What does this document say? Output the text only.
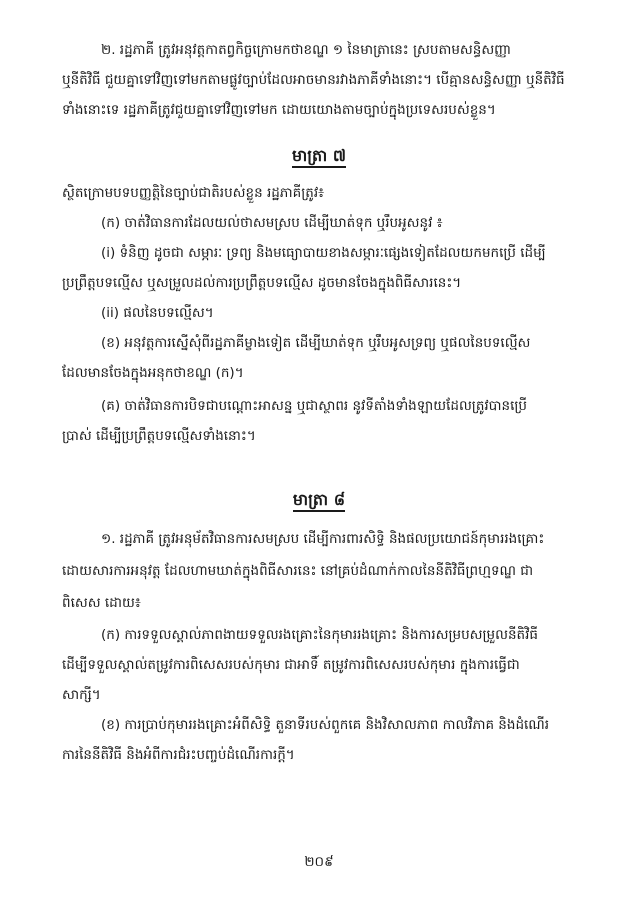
២. រដ្ឋភាគី ត្រូវអនុវត្តកាតព្វកិច្ចក្រោមកថាខណ្ឌ ១ នៃមាត្រានេះ ស្របតាមសន្ធិសញ្ញា
ឬនីតិវិធី ជួយគ្នាទៅវិញទៅមកតាមផ្លូវច្បាប់ដែលអាចមានរវាងភាគីទាំងនោះ។ បើគ្មានសន្ធិសញ្ញា ឬនីតិវិធី
ទាំងនោះទេ រដ្ឋភាគីត្រូវជួយគ្នាទៅវិញទៅមក ដោយយោងតាមច្បាប់ក្នុងប្រទេសរបស់ខ្លួន។
មាត្រា ៧
ស្ថិតក្រោមបទបញ្ញត្តិនៃច្បាប់ជាតិរបស់ខ្លួន រដ្ឋភាគីត្រូវ៖
(ក) ចាត់វិធានការដែលយល់ថាសមស្រប ដើម្បីឃាត់ទុក ឬរឹបអូសនូវ ៖
(i) ទំនិញ ដូចជា សម្ភារៈ ទ្រព្យ និងមធ្យោបាយខាងសម្ភារៈផ្សេងទៀតដែលយកមកប្រើ ដើម្បី
ប្រព្រឹត្តបទល្មើស ឬសម្រួលដល់ការប្រព្រឹត្តបទល្មើស ដូចមានចែងក្នុងពិធីសារនេះ។
(ii) ផលនៃបទល្មើស។
(ខ) អនុវត្តការស្នើសុំពីរដ្ឋភាគីម្ខាងទៀត ដើម្បីឃាត់ទុក ឬរឹបអូសទ្រព្យ ឬផលនៃបទល្មើស
ដែលមានចែងក្នុងអនុកថាខណ្ឌ (ក)។
(គ) ចាត់វិធានការបិទជាបណ្តោះអាសន្ន ឬជាស្ថាពរ នូវទីតាំងទាំងឡាយដែលត្រូវបានប្រើ
ប្រាស់ ដើម្បីប្រព្រឹត្តបទល្មើសទាំងនោះ។
មាត្រា ៨
១. រដ្ឋភាគី ត្រូវអនុម័តវិធានការសមស្រប ដើម្បីការពារសិទ្ធិ និងផលប្រយោជន៍កុមាររងគ្រោះ
ដោយសារការអនុវត្ត ដែលហាមឃាត់ក្នុងពិធីសារនេះ នៅគ្រប់ដំណាក់កាលនៃនីតិវិធីព្រហ្មទណ្ឌ ជា
ពិសេស ដោយ៖
(ក) ការទទួលស្គាល់ភាពងាយទទួលរងគ្រោះនៃកុមាររងគ្រោះ និងការសម្របសម្រួលនីតិវិធី
ដើម្បីទទួលស្គាល់តម្រូវការពិសេសរបស់កុមារ ជាអាទិ៍ តម្រូវការពិសេសរបស់កុមារ ក្នុងការធ្វើជា
សាក្សី។
(ខ) ការប្រាប់កុមាររងគ្រោះអំពីសិទ្ធិ តួនាទីរបស់ពួកគេ និងវិសាលភាព កាលវិភាគ និងដំណើរ
ការនៃនីតិវិធី និងអំពីការជំរះបញ្ចប់ដំណើរការក្តី។
២០៩
